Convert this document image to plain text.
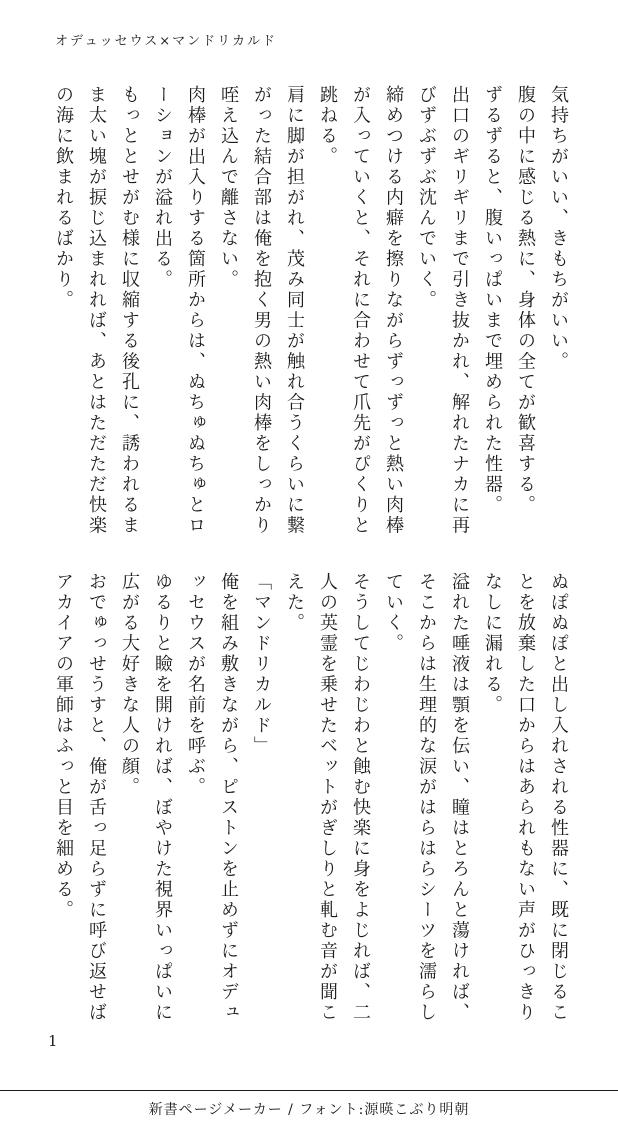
オデュッセウス×マンドリカルド

気持ちがいい、きもちがいい。

腹の中に感じる熱に、身体の全てが歓喜する。

ずるずると、腹いっぱいまで埋められた性器。

出口のギリギリまで引き抜かれ、解れたナカに再

びずぶずぶ沈んでいく。

締めつける内癖を擦りながらずっずっと熱い肉棒

が入っていくと、それに合わせて爪先がぴくりと

跳ねる。

肩に脚が担がれ、茂み同士が触れ合うくらいに繋

がった結合部は俺を抱く男の熱い肉棒をしっかり

咥え込んで離さない。

肉棒が出入りする箇所からは、ぬちゅぬちゅとロ

ーションが溢れ出る。

もっととせがむ様に収縮する後孔に、誘われるま

ま太い塊が捩じ込まれれば、あとはただただ快楽

の海に飲まれるばかり。

ぬぽぬぽと出し入れされる性器に、既に閉じるこ

とを放棄した口からはあられもない声がひっきり

なしに漏れる。

溢れた唾液は顎を伝い、瞳はとろんと蕩ければ、

そこからは生理的な涙がはらはらシーツを濡らし

ていく。

そうしてじわじわと蝕む快楽に身をよじれば、二

人の英霊を乗せたベットがぎしりと軋む音が聞こ

えた。

「マンドリカルド」

俺を組み敷きながら、ピストンを止めずにオデュ

ッセウスが名前を呼ぶ。

ゆるりと瞼を開ければ、ぼやけた視界いっぱいに

広がる大好きな人の顔。

おでゅっせうすと、俺が舌っ足らずに呼び返せば

アカイアの軍師はふっと目を細める。

1
新書ページメーカー / フォント:源暎こぶり明朝
